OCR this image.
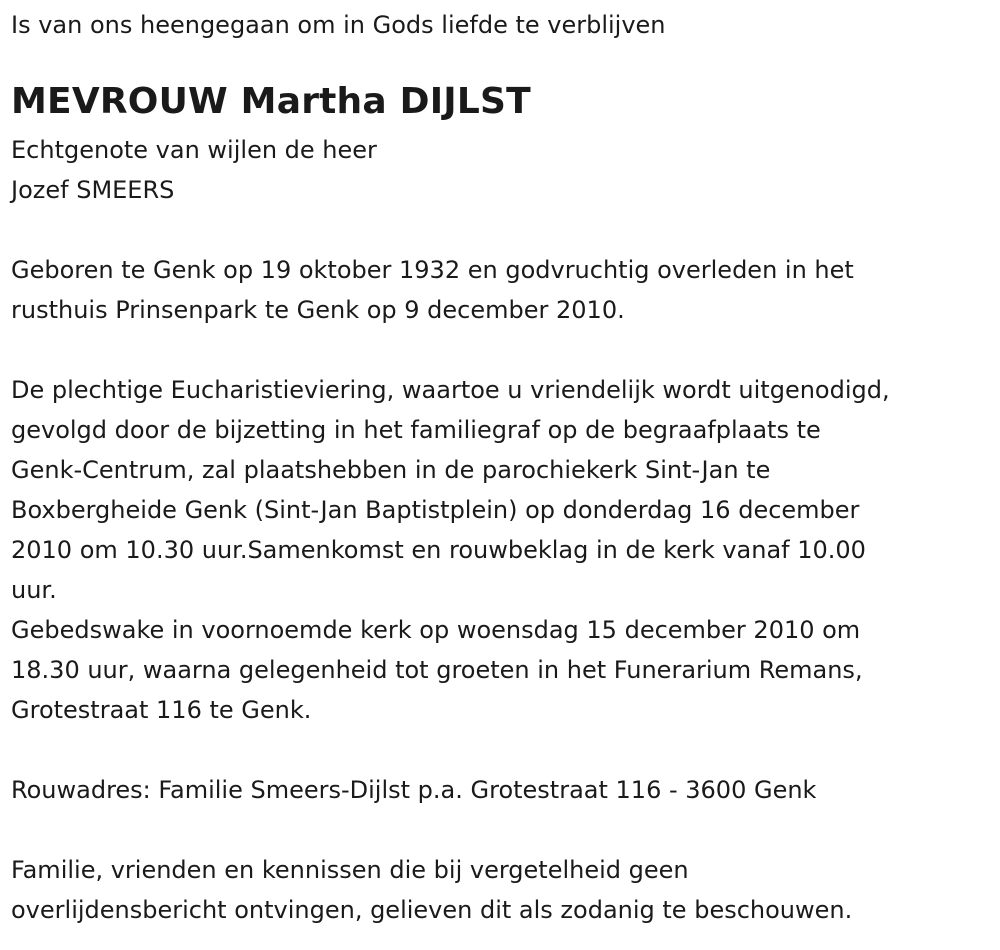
Is van ons heengegaan om in Gods liefde te verblijven
MEVROUW Martha DIJLST
Echtgenote van wijlen de heer
Jozef SMEERS
Geboren te Genk op 19 oktober 1932 en godvruchtig overleden in het
rusthuis Prinsenpark te Genk op 9 december 2010.
De plechtige Eucharistieviering, waartoe u vriendelijk wordt uitgenodigd,
gevolgd door de bijzetting in het familiegraf op de begraafplaats te
Genk-Centrum, zal plaatshebben in de parochiekerk Sint-Jan te
Boxbergheide Genk (Sint-Jan Baptistplein) op donderdag 16 december
2010 om 10.30 uur.Samenkomst en rouwbeklag in de kerk vanaf 10.00
uur.
Gebedswake in voornoemde kerk op woensdag 15 december 2010 om
18.30 uur, waarna gelegenheid tot groeten in het Funerarium Remans,
Grotestraat 116 te Genk.
Rouwadres: Familie Smeers-Dijlst p.a. Grotestraat 116 - 3600 Genk
Familie, vrienden en kennissen die bij vergetelheid geen
overlijdensbericht ontvingen, gelieven dit als zodanig te beschouwen.
